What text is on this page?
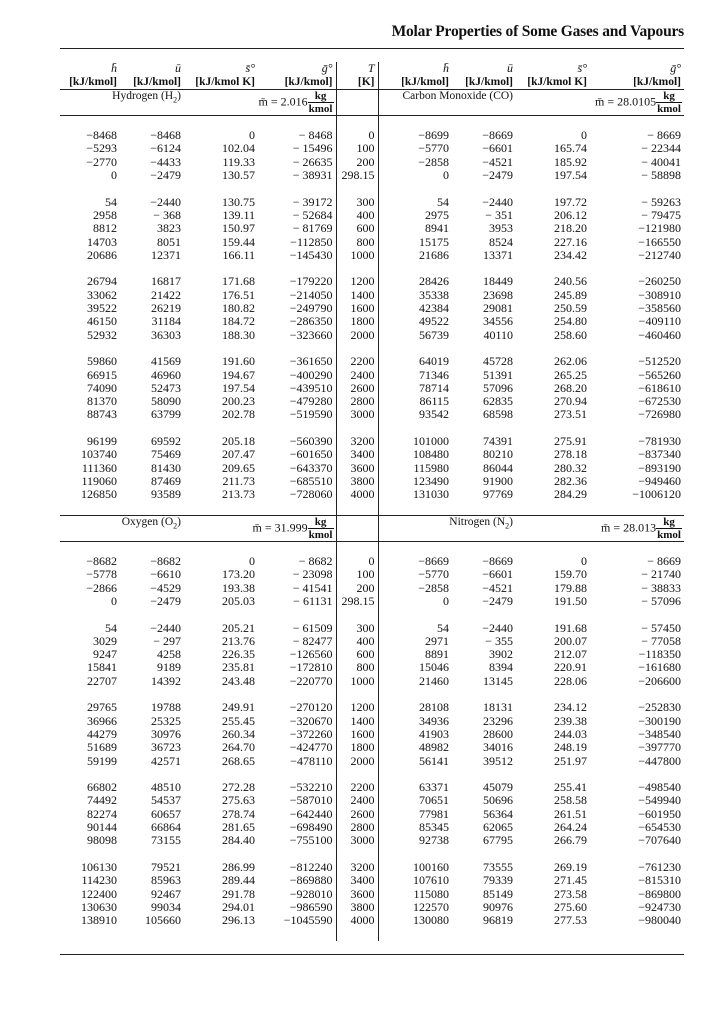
Molar Properties of Some Gases and Vapours

h̄	ū	s̄°	ḡ°	T	h̄	ū	s̄°	ḡ°
[kJ/kmol]	[kJ/kmol]	[kJ/kmol K]	[kJ/kmol]	[K]	[kJ/kmol]	[kJ/kmol]	[kJ/kmol K]	[kJ/kmol]
Hydrogen $(H_2)$		m̄ = $2.016 \frac{kg}{\text{kmol}}$			Carbon Monoxide (CO)		m̄ = $28.0105 \frac{kg}{\text{kmol}}$

−8468	−8468	0	− 8468	0	−8699	−8669	0	− 8669
−5293	−6124	102.04	− 15496	100	−5770	−6601	165.74	− 22344
−2770	−4433	119.33	− 26635	200	−2858	−4521	185.92	− 40041
0	−2479	130.57	− 38931	298.15	0	−2479	197.54	− 58898

54	−2440	130.75	− 39172	300	54	−2440	197.72	− 59263
2958	− 368	139.11	− 52684	400	2975	− 351	206.12	− 79475
8812	3823	150.97	− 81769	600	8941	3953	218.20	−121980
14703	8051	159.44	−112850	800	15175	8524	227.16	−166550
20686	12371	166.11	−145430	1000	21686	13371	234.42	−212740

26794	16817	171.68	−179220	1200	28426	18449	240.56	−260250
33062	21422	176.51	−214050	1400	35338	23698	245.89	−308910
39522	26219	180.82	−249790	1600	42384	29081	250.59	−358560
46150	31184	184.72	−286350	1800	49522	34556	254.80	−409110
52932	36303	188.30	−323660	2000	56739	40110	258.60	−460460

59860	41569	191.60	−361650	2200	64019	45728	262.06	−512520
66915	46960	194.67	−400290	2400	71346	51391	265.25	−565260
74090	52473	197.54	−439510	2600	78714	57096	268.20	−618610
81370	58090	200.23	−479280	2800	86115	62835	270.94	−672530
88743	63799	202.78	−519590	3000	93542	68598	273.51	−726980

96199	69592	205.18	−560390	3200	101000	74391	275.91	−781930
103740	75469	207.47	−601650	3400	108480	80210	278.18	−837340
111360	81430	209.65	−643370	3600	115980	86044	280.32	−893190
119060	87469	211.73	−685510	3800	123490	91900	282.36	−949460
126850	93589	213.73	−728060	4000	131030	97769	284.29	−1006120

Oxygen $(O_2)$		m̄ = $31.999 \frac{kg}{\text{kmol}}$			Nitrogen $(N_2)$		m̄ = $28.013 \frac{kg}{\text{kmol}}$

−8682	−8682	0	− 8682	0	−8669	−8669	0	− 8669
−5778	−6610	173.20	− 23098	100	−5770	−6601	159.70	− 21740
−2866	−4529	193.38	− 41541	200	−2858	−4521	179.88	− 38833
0	−2479	205.03	− 61131	298.15	0	−2479	191.50	− 57096

54	−2440	205.21	− 61509	300	54	−2440	191.68	− 57450
3029	− 297	213.76	− 82477	400	2971	− 355	200.07	− 77058
9247	4258	226.35	−126560	600	8891	3902	212.07	−118350
15841	9189	235.81	−172810	800	15046	8394	220.91	−161680
22707	14392	243.48	−220770	1000	21460	13145	228.06	−206600

29765	19788	249.91	−270120	1200	28108	18131	234.12	−252830
36966	25325	255.45	−320670	1400	34936	23296	239.38	−300190
44279	30976	260.34	−372260	1600	41903	28600	244.03	−348540
51689	36723	264.70	−424770	1800	48982	34016	248.19	−397770
59199	42571	268.65	−478110	2000	56141	39512	251.97	−447800

66802	48510	272.28	−532210	2200	63371	45079	255.41	−498540
74492	54537	275.63	−587010	2400	70651	50696	258.58	−549940
82274	60657	278.74	−642440	2600	77981	56364	261.51	−601950
90144	66864	281.65	−698490	2800	85345	62065	264.24	−654530
98098	73155	284.40	−755100	3000	92738	67795	266.79	−707640

106130	79521	286.99	−812240	3200	100160	73555	269.19	−761230
114230	85963	289.44	−869880	3400	107610	79339	271.45	−815310
122400	92467	291.78	−928010	3600	115080	85149	273.58	−869800
130630	99034	294.01	−986590	3800	122570	90976	275.60	−924730
138910	105660	296.13	−1045590	4000	130080	96819	277.53	−980040
